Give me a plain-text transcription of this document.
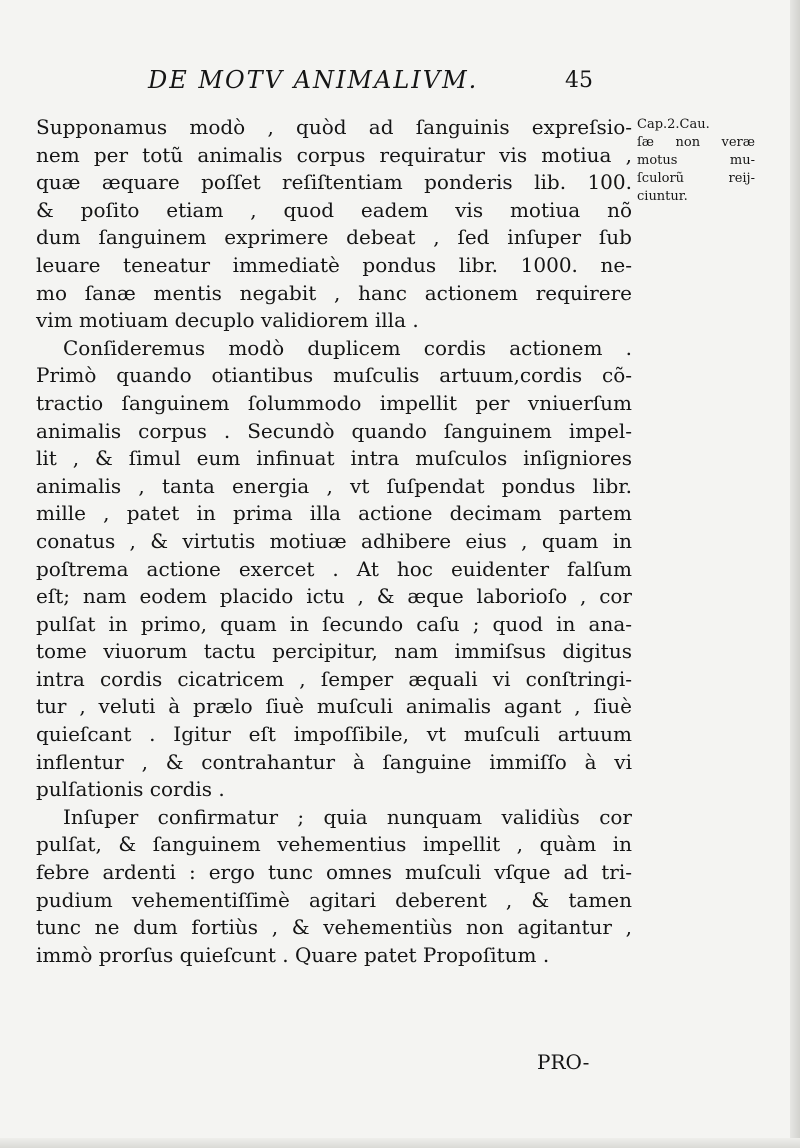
DE MOTV ANIMALIVM.	45
Supponamus modò , quòd ad ſanguinis expreſsio-
nem per totũ animalis corpus requiratur vis motiua ,
quæ æquare poſſet reſiſtentiam ponderis lib. 100.
& poſito etiam , quod eadem vis motiua nõ
dum ſanguinem exprimere debeat , ſed inſuper ſub
leuare teneatur immediatè pondus libr. 1000. ne-
mo ſanæ mentis negabit , hanc actionem requirere
vim motiuam decuplo validiorem illa .
Conſideremus modò duplicem cordis actionem .
Primò quando otiantibus muſculis artuum,cordis cõ-
tractio ſanguinem ſolummodo impellit per vniuerſum
animalis corpus . Secundò quando ſanguinem impel-
lit , & ſimul eum infinuat intra muſculos inſigniores
animalis , tanta energia , vt ſuſpendat pondus libr.
mille , patet in prima illa actione decimam partem
conatus , & virtutis motiuæ adhibere eius , quam in
poſtrema actione exercet . At hoc euidenter falſum
eſt; nam eodem placido ictu , & æque laborioſo , cor
pulſat in primo, quam in ſecundo caſu ; quod in ana-
tome viuorum tactu percipitur, nam immiſsus digitus
intra cordis cicatricem , ſemper æquali vi conſtringi-
tur , veluti à prælo ſiuè muſculi animalis agant , ſiuè
quieſcant . Igitur eſt impoſſibile, vt muſculi artuum
inflentur , & contrahantur à ſanguine immiſſo à vi
pulſationis cordis .
Inſuper confirmatur ; quia nunquam validiùs cor
pulſat, & ſanguinem vehementius impellit , quàm in
febre ardenti : ergo tunc omnes muſculi vſque ad tri-
pudium vehementiſſimè agitari deberent , & tamen
tunc ne dum fortiùs , & vehementiùs non agitantur ,
immò prorſus quieſcunt . Quare patet Propoſitum .
Cap.2.Cau.
ſæ non veræ
motus mu-
ſculorũ reij-
ciuntur.
PRO-
